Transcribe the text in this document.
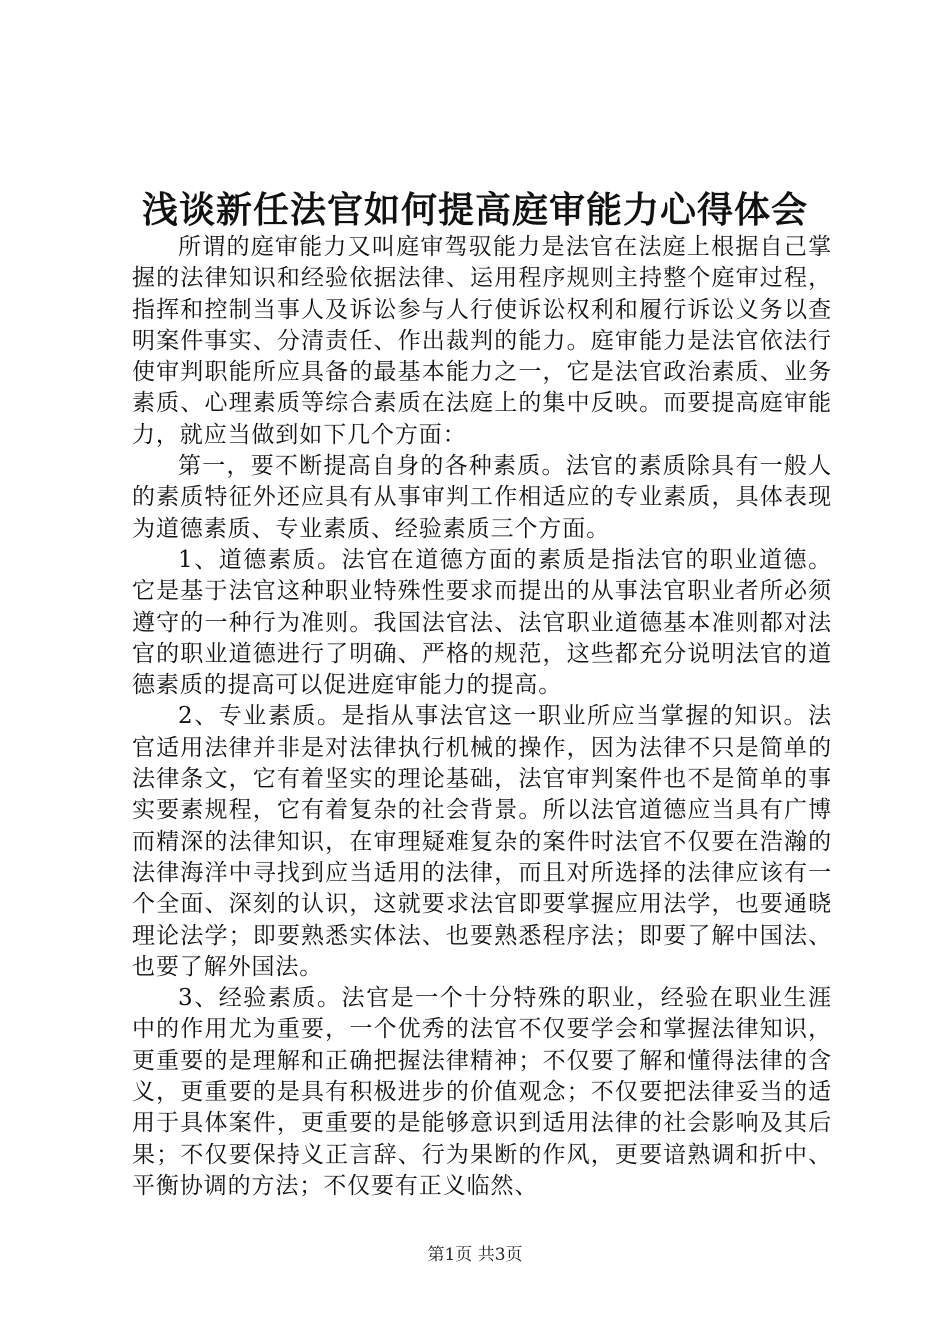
浅谈新任法官如何提高庭审能力心得体会

所谓的庭审能力又叫庭审驾驭能力是法官在法庭上根据自己掌握的法律知识和经验依据法律、运用程序规则主持整个庭审过程，指挥和控制当事人及诉讼参与人行使诉讼权利和履行诉讼义务以查明案件事实、分清责任、作出裁判的能力。庭审能力是法官依法行使审判职能所应具备的最基本能力之一，它是法官政治素质、业务素质、心理素质等综合素质在法庭上的集中反映。而要提高庭审能力，就应当做到如下几个方面：

第一，要不断提高自身的各种素质。法官的素质除具有一般人的素质特征外还应具有从事审判工作相适应的专业素质，具体表现为道德素质、专业素质、经验素质三个方面。

1、道德素质。法官在道德方面的素质是指法官的职业道德。它是基于法官这种职业特殊性要求而提出的从事法官职业者所必须遵守的一种行为准则。我国法官法、法官职业道德基本准则都对法官的职业道德进行了明确、严格的规范，这些都充分说明法官的道德素质的提高可以促进庭审能力的提高。

2、专业素质。是指从事法官这一职业所应当掌握的知识。法官适用法律并非是对法律执行机械的操作，因为法律不只是简单的法律条文，它有着坚实的理论基础，法官审判案件也不是简单的事实要素规程，它有着复杂的社会背景。所以法官道德应当具有广博而精深的法律知识，在审理疑难复杂的案件时法官不仅要在浩瀚的法律海洋中寻找到应当适用的法律，而且对所选择的法律应该有一个全面、深刻的认识，这就要求法官即要掌握应用法学，也要通晓理论法学；即要熟悉实体法、也要熟悉程序法；即要了解中国法、也要了解外国法。

3、经验素质。法官是一个十分特殊的职业，经验在职业生涯中的作用尤为重要，一个优秀的法官不仅要学会和掌握法律知识，更重要的是理解和正确把握法律精神；不仅要了解和懂得法律的含义，更重要的是具有积极进步的价值观念；不仅要把法律妥当的适用于具体案件，更重要的是能够意识到适用法律的社会影响及其后果；不仅要保持义正言辞、行为果断的作风，更要谙熟调和折中、平衡协调的方法；不仅要有正义临然、

第1页 共3页
